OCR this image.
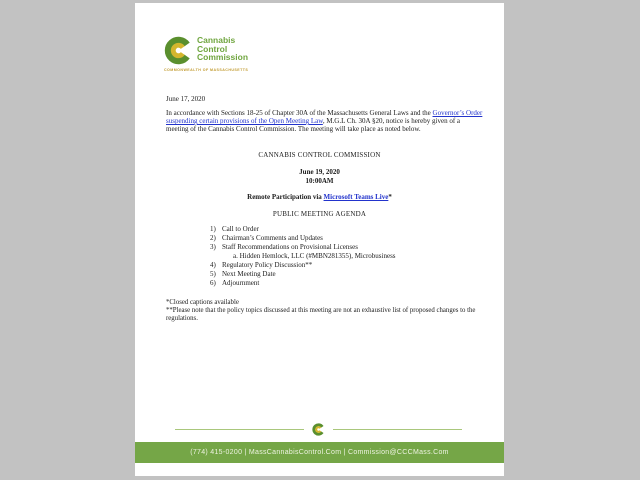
Cannabis
Control
Commission
COMMONWEALTH OF MASSACHUSETTS
June 17, 2020

In accordance with Sections 18-25 of Chapter 30A of the Massachusetts General Laws and the Governor’s Order suspending certain provisions of the Open Meeting Law, M.G.L Ch. 30A §20, notice is hereby given of a meeting of the Cannabis Control Commission. The meeting will take place as noted below.

CANNABIS CONTROL COMMISSION
June 19, 2020
10:00AM
Remote Participation via Microsoft Teams Live*
PUBLIC MEETING AGENDA
1) Call to Order
2) Chairman’s Comments and Updates
3) Staff Recommendations on Provisional Licenses
a. Hidden Hemlock, LLC (#MBN281355), Microbusiness
4) Regulatory Policy Discussion**
5) Next Meeting Date
6) Adjournment
*Closed captions available
**Please note that the policy topics discussed at this meeting are not an exhaustive list of proposed changes to the regulations.
(774) 415-0200 | MassCannabisControl.Com | Commission@CCCMass.Com
